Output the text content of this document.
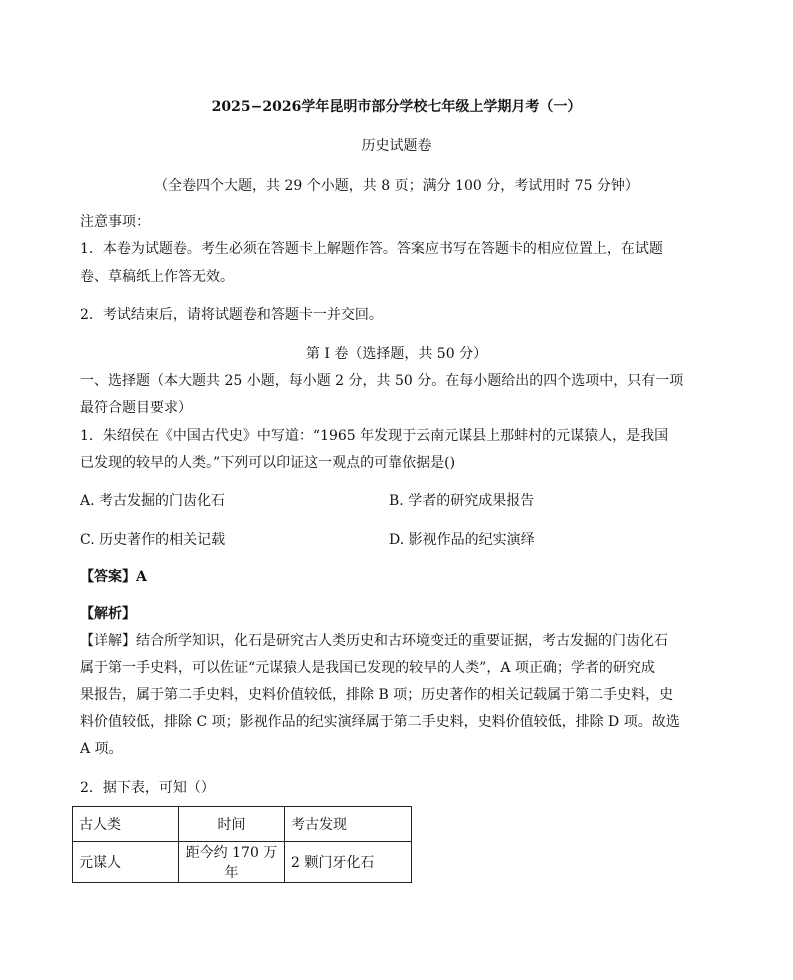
2025−2026学年昆明市部分学校七年级上学期月考（一）
历史试题卷
（全卷四个大题，共 29 个小题，共 8 页；满分 100 分，考试用时 75 分钟）
注意事项：
1．本卷为试题卷。考生必须在答题卡上解题作答。答案应书写在答题卡的相应位置上，在试题
卷、草稿纸上作答无效。
2．考试结束后，请将试题卷和答题卡一并交回。
第 I 卷（选择题，共 50 分）
一、选择题（本大题共 25 小题，每小题 2 分，共 50 分。在每小题给出的四个选项中，只有一项
最符合题目要求）
1．朱绍侯在《中国古代史》中写道：“1965 年发现于云南元谋县上那蚌村的元谋猿人，是我国
已发现的较早的人类。”下列可以印证这一观点的可靠依据是()
A. 考古发掘的门齿化石	B. 学者的研究成果报告
C. 历史著作的相关记载	D. 影视作品的纪实演绎
【答案】A
【解析】
【详解】结合所学知识，化石是研究古人类历史和古环境变迁的重要证据，考古发掘的门齿化石
属于第一手史料，可以佐证“元谋猿人是我国已发现的较早的人类”，A 项正确；学者的研究成
果报告，属于第二手史料，史料价值较低，排除 B 项；历史著作的相关记载属于第二手史料，史
料价值较低，排除 C 项；影视作品的纪实演绎属于第二手史料，史料价值较低，排除 D 项。故选
A 项。
2．据下表，可知（）
古人类	时间	考古发现
元谋人	距今约 170 万年	2 颗门牙化石
